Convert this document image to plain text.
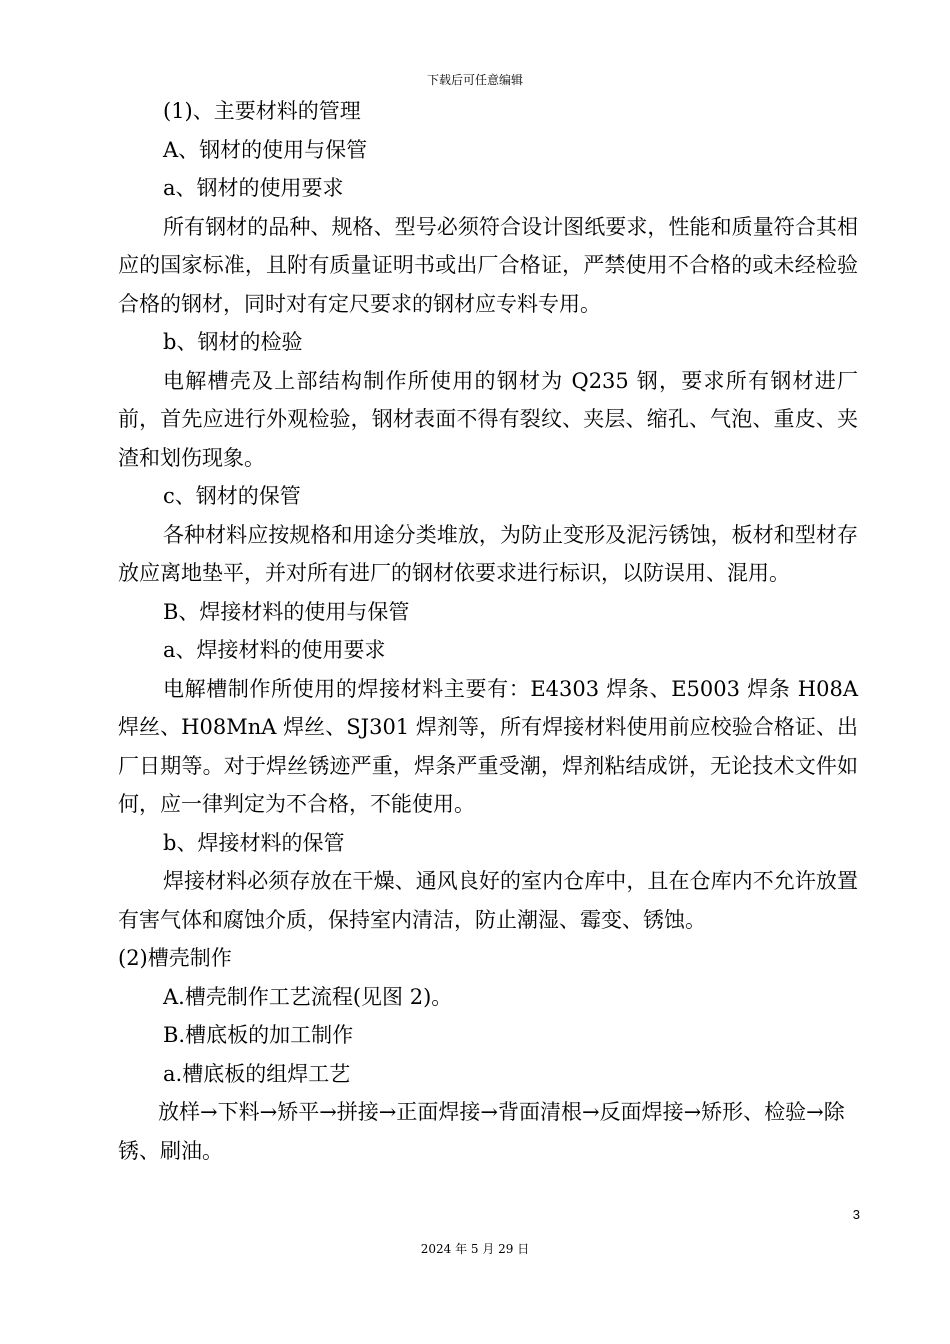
下载后可任意编辑

(1)、主要材料的管理

A、钢材的使用与保管

a、钢材的使用要求

所有钢材的品种、规格、型号必须符合设计图纸要求，性能和质量符合其相应的国家标准，且附有质量证明书或出厂合格证，严禁使用不合格的或未经检验合格的钢材，同时对有定尺要求的钢材应专料专用。

b、钢材的检验

电解槽壳及上部结构制作所使用的钢材为 Q235 钢，要求所有钢材进厂前，首先应进行外观检验，钢材表面不得有裂纹、夹层、缩孔、气泡、重皮、夹渣和划伤现象。

c、钢材的保管

各种材料应按规格和用途分类堆放，为防止变形及泥污锈蚀，板材和型材存放应离地垫平，并对所有进厂的钢材依要求进行标识，以防误用、混用。

B、焊接材料的使用与保管

a、焊接材料的使用要求

电解槽制作所使用的焊接材料主要有：E4303 焊条、E5003 焊条 H08A 焊丝、H08MnA 焊丝、SJ301 焊剂等，所有焊接材料使用前应校验合格证、出厂日期等。对于焊丝锈迹严重，焊条严重受潮，焊剂粘结成饼，无论技术文件如何，应一律判定为不合格，不能使用。

b、焊接材料的保管

焊接材料必须存放在干燥、通风良好的室内仓库中，且在仓库内不允许放置有害气体和腐蚀介质，保持室内清洁，防止潮湿、霉变、锈蚀。

(2)槽壳制作

A.槽壳制作工艺流程(见图 2)。

B.槽底板的加工制作

a.槽底板的组焊工艺

放样→下料→矫平→拼接→正面焊接→背面清根→反面焊接→矫形、检验→除锈、刷油。

3
2024 年 5 月 29 日
